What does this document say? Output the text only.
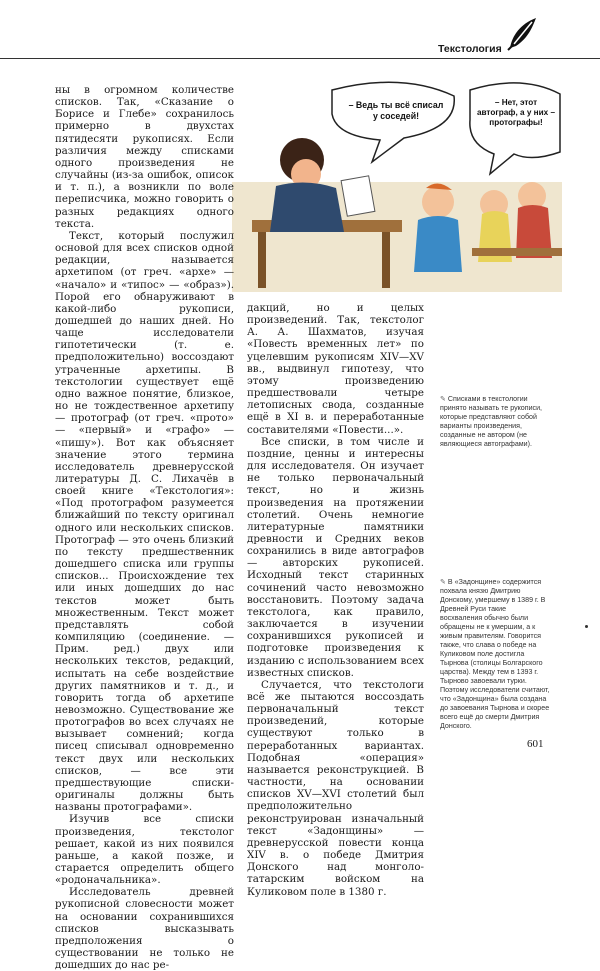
Текстология
– Ведь ты всё списал у соседей!
– Нет, этот автограф, а у них – протографы!

ны в огромном количестве списков. Так, «Сказание о Борисе и Глебе» сохранилось примерно в двухстах пятидесяти рукописях. Если различия между списками одного произведения не случайны (из-за ошибок, описок и т. п.), а возникли по воле переписчика, можно говорить о разных редакциях одного текста.

Текст, который послужил основой для всех списков одной редакции, называется архетипом (от греч. «архе» — «начало» и «типос» — «образ»). Порой его обнаруживают в какой-либо рукописи, дошедшей до наших дней. Но чаще исследователи гипотетически (т. е. предположительно) воссоздают утраченные архетипы. В текстологии существует ещё одно важное понятие, близкое, но не тождественное архетипу — протограф (от греч. «прото» — «первый» и «графо» — «пишу»). Вот как объясняет значение этого термина исследователь древнерусской литературы Д. С. Лихачёв в своей книге «Текстология»: «Под протографом разумеется ближайший по тексту оригинал одного или нескольких списков. Протограф — это очень близкий по тексту предшественник дошедшего списка или группы списков... Происхождение тех или иных дошедших до нас текстов может быть множественным. Текст может представлять собой компиляцию (соединение. — Прим. ред.) двух или нескольких текстов, редакций, испытать на себе воздействие других памятников и т. д., и говорить тогда об архетипе невозможно. Существование же протографов во всех случаях не вызывает сомнений; когда писец списывал одновременно текст двух или нескольких списков, — все эти предшествующие списки-оригиналы должны быть названы протографами».

Изучив все списки произведения, текстолог решает, какой из них появился раньше, а какой позже, и старается определить общего «родоначальника».

Исследователь древней рукописной словесности может на основании сохранившихся списков высказывать предположения о существовании не только не дошедших до нас ре-

дакций, но и целых произведений. Так, текстолог А. А. Шахматов, изучая «Повесть временных лет» по уцелевшим рукописям XIV—XV вв., выдвинул гипотезу, что этому произведению предшествовали четыре летописных свода, созданные ещё в XI в. и переработанные составителями «Повести...».

Все списки, в том числе и поздние, ценны и интересны для исследователя. Он изучает не только первоначальный текст, но и жизнь произведения на протяжении столетий. Очень немногие литературные памятники древности и Средних веков сохранились в виде автографов — авторских рукописей. Исходный текст старинных сочинений часто невозможно восстановить. Поэтому задача текстолога, как правило, заключается в изучении сохранившихся рукописей и подготовке произведения к изданию с использованием всех известных списков.

Случается, что текстологи всё же пытаются воссоздать первоначальный текст произведений, которые существуют только в переработанных вариантах. Подобная «операция» называется реконструкцией. В частности, на основании списков XV—XVI столетий был предположительно реконструирован изначальный текст «Задонщины» — древнерусской повести конца XIV в. о победе Дмитрия Донского над монголо-татарским войском на Куликовом поле в 1380 г.

✎ Списками в текстологии принято называть те рукописи, которые представляют собой варианты произведения, созданные не автором (не являющиеся автографами).
✎ В «Задонщине» содержится похвала князю Дмитрию Донскому, умершему в 1389 г. В Древней Руси такие восхваления обычно были обращены не к умершим, а к живым правителям. Говорится также, что слава о победе на Куликовом поле достигла Тырнова (столицы Болгарского царства). Между тем в 1393 г. Тырново завоевали турки. Поэтому исследователи считают, что «Задонщина» была создана до завоевания Тырнова и скорее всего ещё до смерти Дмитрия Донского.
601
